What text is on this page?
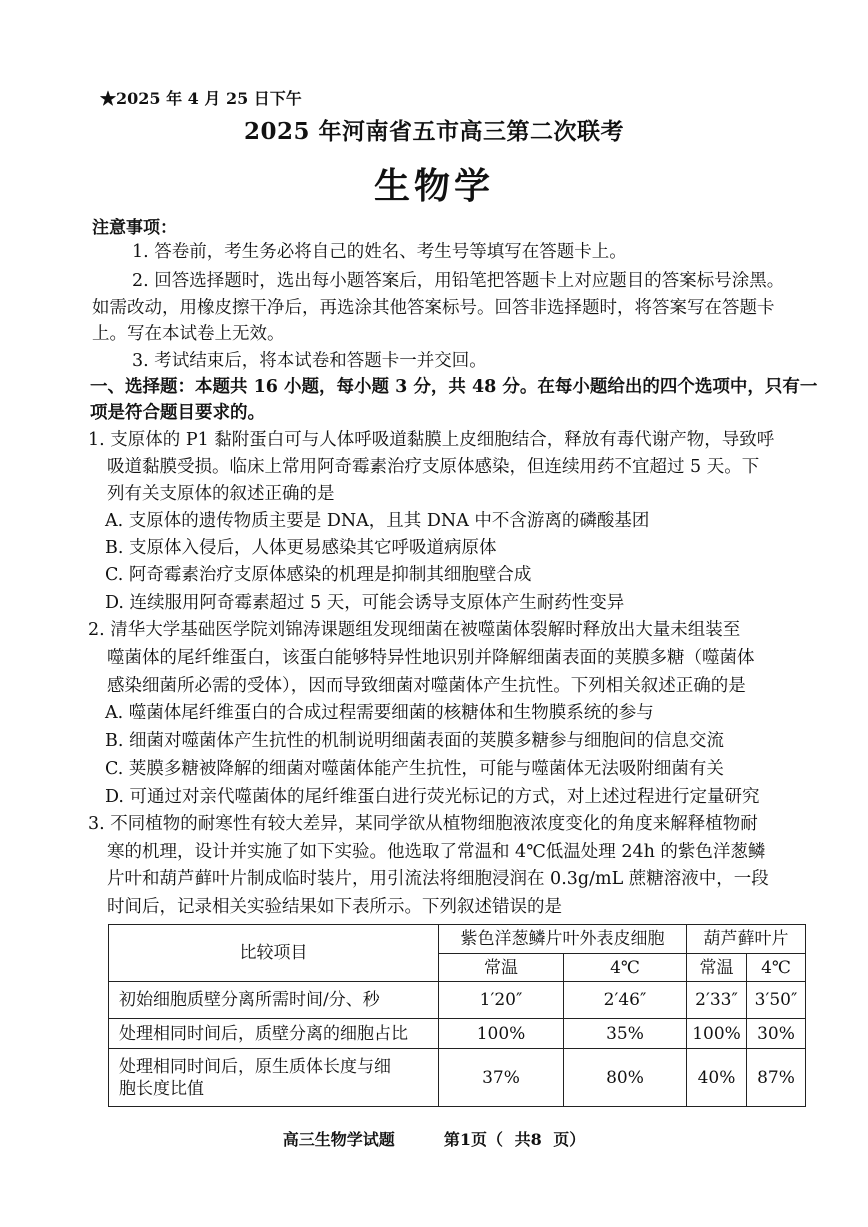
★2025 年 4 月 25 日下午
2025 年河南省五市高三第二次联考
生物学
注意事项：
1. 答卷前，考生务必将自己的姓名、考生号等填写在答题卡上。
2. 回答选择题时，选出每小题答案后，用铅笔把答题卡上对应题目的答案标号涂黑。
如需改动，用橡皮擦干净后，再选涂其他答案标号。回答非选择题时，将答案写在答题卡
上。写在本试卷上无效。
3. 考试结束后，将本试卷和答题卡一并交回。
一、选择题：本题共 16 小题，每小题 3 分，共 48 分。在每小题给出的四个选项中，只有一
项是符合题目要求的。
1. 支原体的 P1 黏附蛋白可与人体呼吸道黏膜上皮细胞结合，释放有毒代谢产物，导致呼
吸道黏膜受损。临床上常用阿奇霉素治疗支原体感染，但连续用药不宜超过 5 天。下
列有关支原体的叙述正确的是
A. 支原体的遗传物质主要是 DNA，且其 DNA 中不含游离的磷酸基团
B. 支原体入侵后，人体更易感染其它呼吸道病原体
C. 阿奇霉素治疗支原体感染的机理是抑制其细胞壁合成
D. 连续服用阿奇霉素超过 5 天，可能会诱导支原体产生耐药性变异
2. 清华大学基础医学院刘锦涛课题组发现细菌在被噬菌体裂解时释放出大量未组装至
噬菌体的尾纤维蛋白，该蛋白能够特异性地识别并降解细菌表面的荚膜多糖（噬菌体
感染细菌所必需的受体），因而导致细菌对噬菌体产生抗性。下列相关叙述正确的是
A. 噬菌体尾纤维蛋白的合成过程需要细菌的核糖体和生物膜系统的参与
B. 细菌对噬菌体产生抗性的机制说明细菌表面的荚膜多糖参与细胞间的信息交流
C. 荚膜多糖被降解的细菌对噬菌体能产生抗性，可能与噬菌体无法吸附细菌有关
D. 可通过对亲代噬菌体的尾纤维蛋白进行荧光标记的方式，对上述过程进行定量研究
3. 不同植物的耐寒性有较大差异，某同学欲从植物细胞液浓度变化的角度来解释植物耐
寒的机理，设计并实施了如下实验。他选取了常温和 4℃低温处理 24h 的紫色洋葱鳞
片叶和葫芦藓叶片制成临时装片，用引流法将细胞浸润在 0.3g/mL 蔗糖溶液中，一段
时间后，记录相关实验结果如下表所示。下列叙述错误的是
比较项目	紫色洋葱鳞片叶外表皮细胞		葫芦藓叶片	
	常温	4℃	常温	4℃
初始细胞质壁分离所需时间/分、秒	1′20″	2′46″	2′33″	3′50″
处理相同时间后，质壁分离的细胞占比	100%	35%	100%	30%

处理相同时间后，原生质体长度与细
胞长度比值	37%	80%	40%	87%
高三生物学试题	第1页（ 共8 页）
